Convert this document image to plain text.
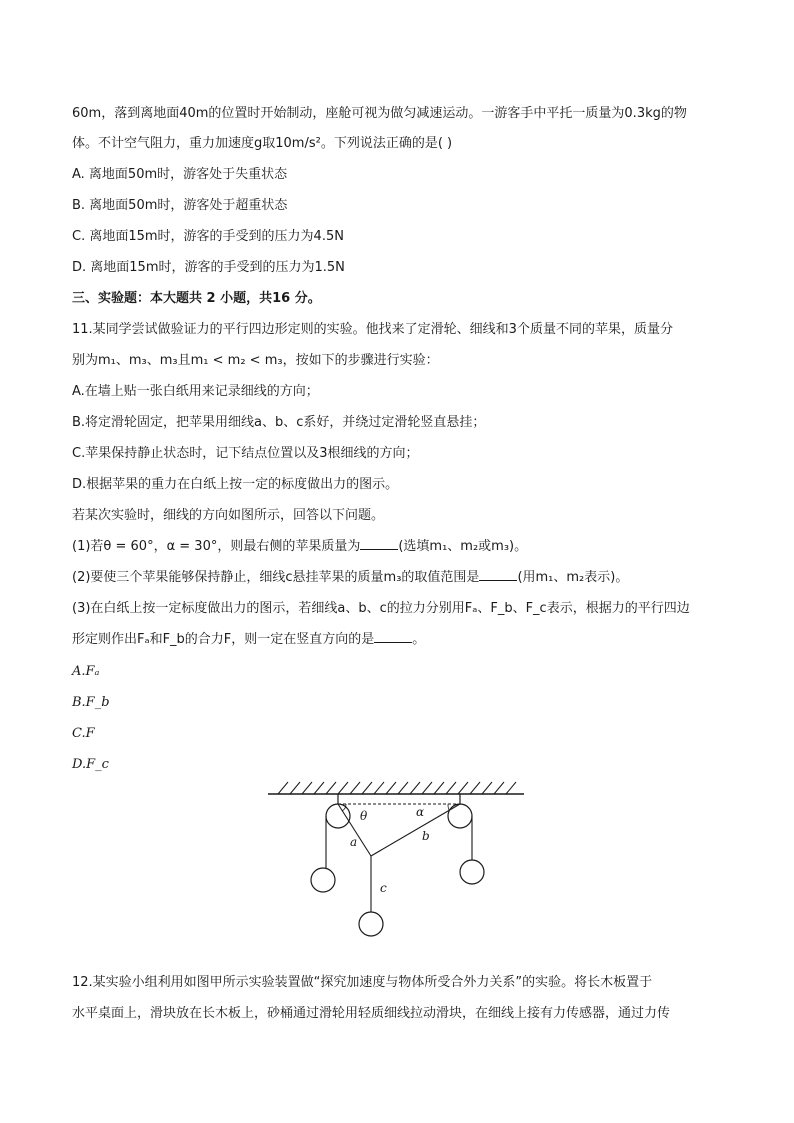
60m，落到离地面40m的位置时开始制动，座舱可视为做匀减速运动。一游客手中平托一质量为0.3kg的物
体。不计空气阻力，重力加速度g取10m/s²。下列说法正确的是( )
A. 离地面50m时，游客处于失重状态
B. 离地面50m时，游客处于超重状态
C. 离地面15m时，游客的手受到的压力为4.5N
D. 离地面15m时，游客的手受到的压力为1.5N
三、实验题：本大题共 2 小题，共16 分。
11.某同学尝试做验证力的平行四边形定则的实验。他找来了定滑轮、细线和3个质量不同的苹果，质量分
别为m₁、m₃、m₃且m₁ < m₂ < m₃，按如下的步骤进行实验：
A.在墙上贴一张白纸用来记录细线的方向；
B.将定滑轮固定，把苹果用细线a、b、c系好，并绕过定滑轮竖直悬挂；
C.苹果保持静止状态时，记下结点位置以及3根细线的方向；
D.根据苹果的重力在白纸上按一定的标度做出力的图示。
若某次实验时，细线的方向如图所示，回答以下问题。
(1)若θ = 60°，α = 30°，则最右侧的苹果质量为	(选填m₁、m₂或m₃)。
(2)要使三个苹果能够保持静止，细线c悬挂苹果的质量m₃的取值范围是	(用m₁、m₂表示)。
(3)在白纸上按一定标度做出力的图示，若细线a、b、c的拉力分别用Fₐ、F_b、F_c表示，根据力的平行四边
形定则作出Fₐ和F_b的合力F，则一定在竖直方向的是	。
A.Fₐ
B.F_b
C.F
D.F_c
θ	α
a	b
c
12.某实验小组利用如图甲所示实验装置做“探究加速度与物体所受合外力关系”的实验。将长木板置于
水平桌面上，滑块放在长木板上，砂桶通过滑轮用轻质细线拉动滑块，在细线上接有力传感器，通过力传
